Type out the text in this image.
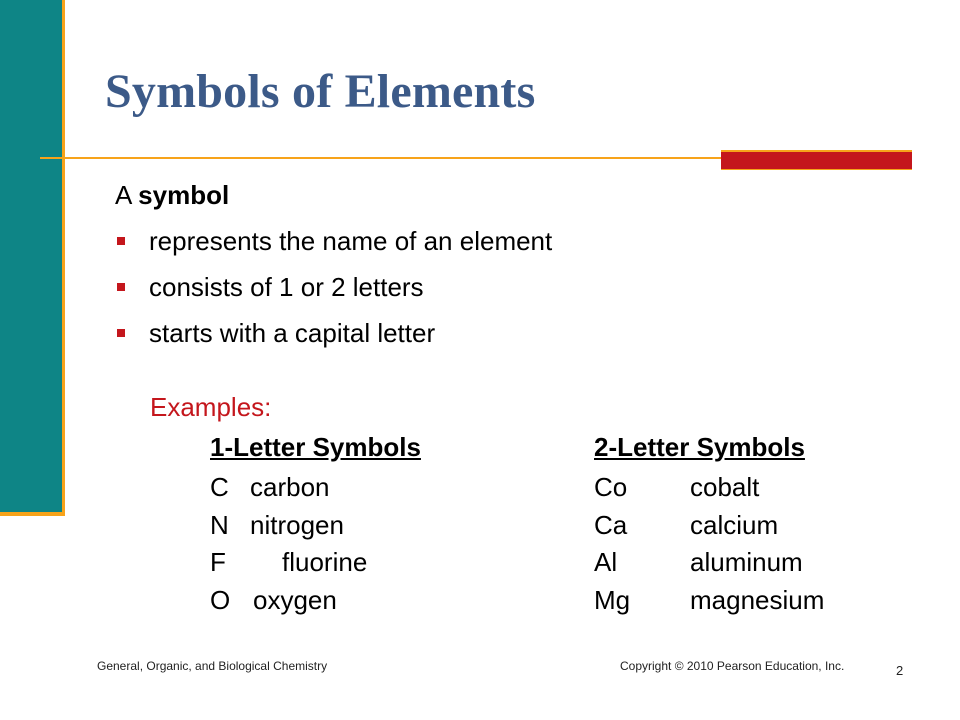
Symbols of Elements
A symbol
represents the name of an element
consists of 1 or 2 letters
starts with a capital letter
Examples:
1-Letter Symbols	2-Letter Symbols
C carbon
N nitrogen
F fluorine
O oxygen
Co cobalt
Ca calcium
Al	aluminum
Mg magnesium
General, Organic, and Biological Chemistry	Copyright © 2010 Pearson Education, Inc.	2
